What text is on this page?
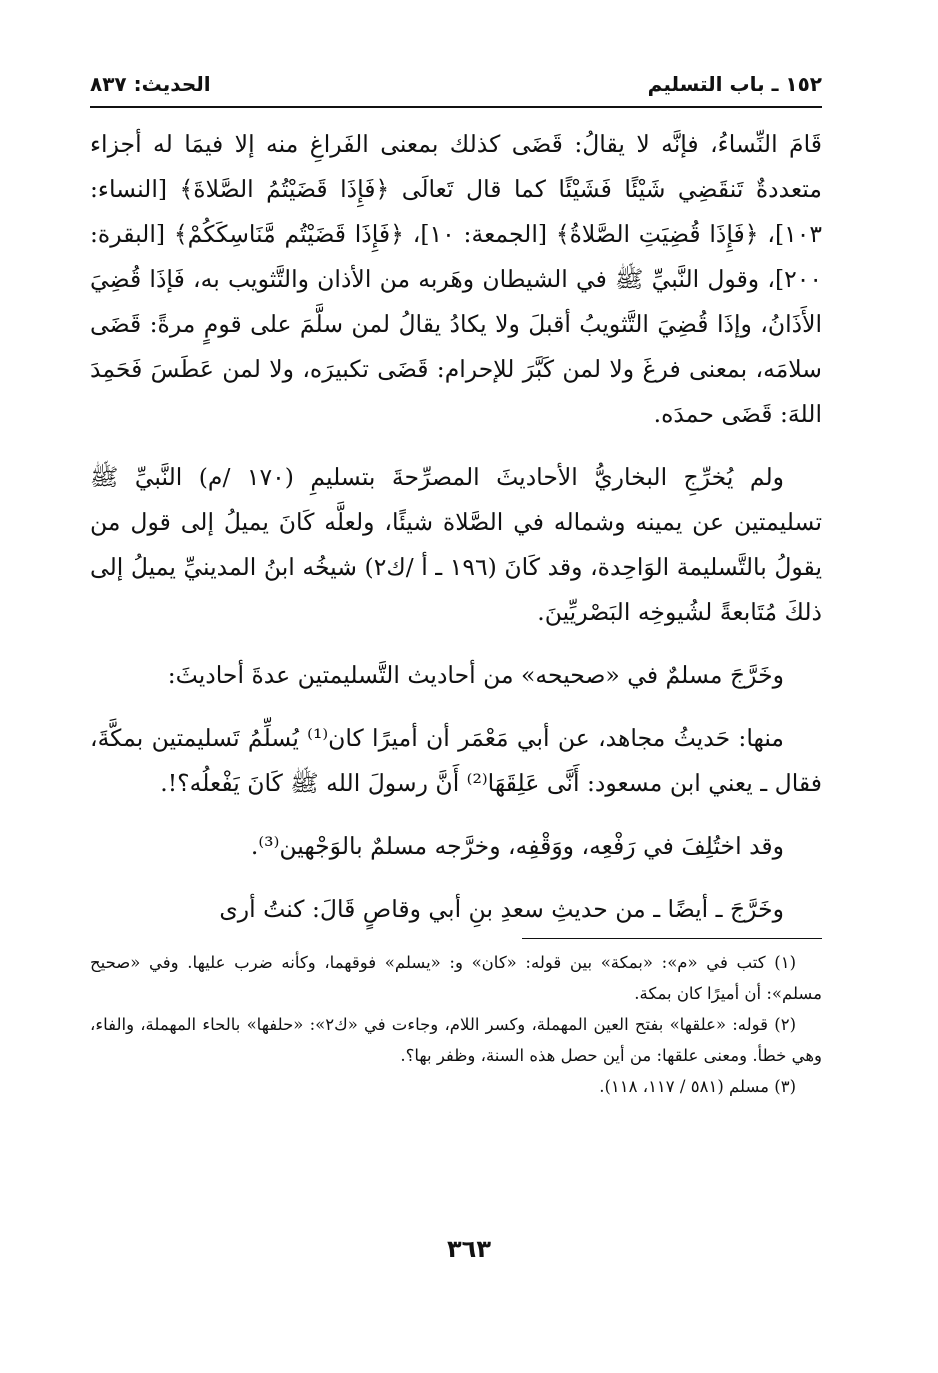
١٥٢ ـ باب التسليم
الحديث: ٨٣٧

قَامَ النِّساءُ، فإنَّه لا يقالُ: قَضَى كذلك بمعنى الفَراغِ منه إلا فيمَا له أجزاء متعددةٌ تَنقَضِي شَيْئًا فَشَيْئًا كما قال تَعالَى ﴿فَإِذَا قَضَيْتُمُ الصَّلاةَ﴾ [النساء: ١٠٣]، ﴿فَإِذَا قُضِيَتِ الصَّلاةُ﴾ [الجمعة: ١٠]، ﴿فَإِذَا قَضَيْتُم مَّنَاسِكَكُمْ﴾ [البقرة: ٢٠٠]، وقول النَّبيِّ ﷺ في الشيطان وهَربه من الأذان والتَّثويب به، فَإذَا قُضِيَ الأَذَانُ، وإذَا قُضِيَ التَّثويبُ أقبلَ ولا يكادُ يقالُ لمن سلَّمَ على قومٍ مرةً: قَضَى سلامَه، بمعنى فرغَ ولا لمن كَبَّرَ للإحرام: قَضَى تكبيرَه، ولا لمن عَطَسَ فَحَمِدَ اللهَ: قَضَى حمدَه.

ولم يُخرِّجِ البخاريُّ الأحاديثَ المصرِّحةَ بتسليمِ (١٧٠ /م) النَّبيِّ ﷺ تسليمتين عن يمينه وشماله في الصَّلاة شيئًا، ولعلَّه كَانَ يميلُ إلى قول من يقولُ بالتَّسليمة الوَاحِدة، وقد كَانَ (١٩٦ ـ أ /ك٢) شيخُه ابنُ المدينيِّ يميلُ إلى ذلكَ مُتَابعةً لشُيوخِه البَصْريِّينَ.

وخَرَّجَ مسلمٌ في «صحيحه» من أحاديث التَّسليمتين عدةَ أحاديثَ:

منها: حَديثُ مجاهد، عن أبي مَعْمَر أن أميرًا كان⁽¹⁾ يُسلِّمُ تَسليمتين بمكَّةَ، فقال ـ يعني ابن مسعود: أَنَّى عَلِقَهَا⁽²⁾ أَنَّ رسولَ الله ﷺ كَانَ يَفْعلُه؟!.

وقد اختُلِفَ في رَفْعِه، ووَقْفِه، وخرَّجه مسلمٌ بالوَجْهين⁽³⁾.

وخَرَّجَ ـ أيضًا ـ من حديثِ سعدِ بنِ أبي وقاصٍ قَالَ: كنتُ أرى

(١) كتب في «م»: «بمكة» بين قوله: «كان» و: «يسلم» فوقهما، وكأنه ضرب عليها. وفي «صحيح مسلم»: أن أميرًا كان بمكة.

(٢) قوله: «علقها» بفتح العين المهملة، وكسر اللام، وجاءت في «ك٢»: «حلفها» بالحاء المهملة، والفاء، وهي خطأ. ومعنى علقها: من أين حصل هذه السنة، وظفر بها؟.

(٣) مسلم (٥٨١ / ١١٧، ١١٨).

٣٦٣
